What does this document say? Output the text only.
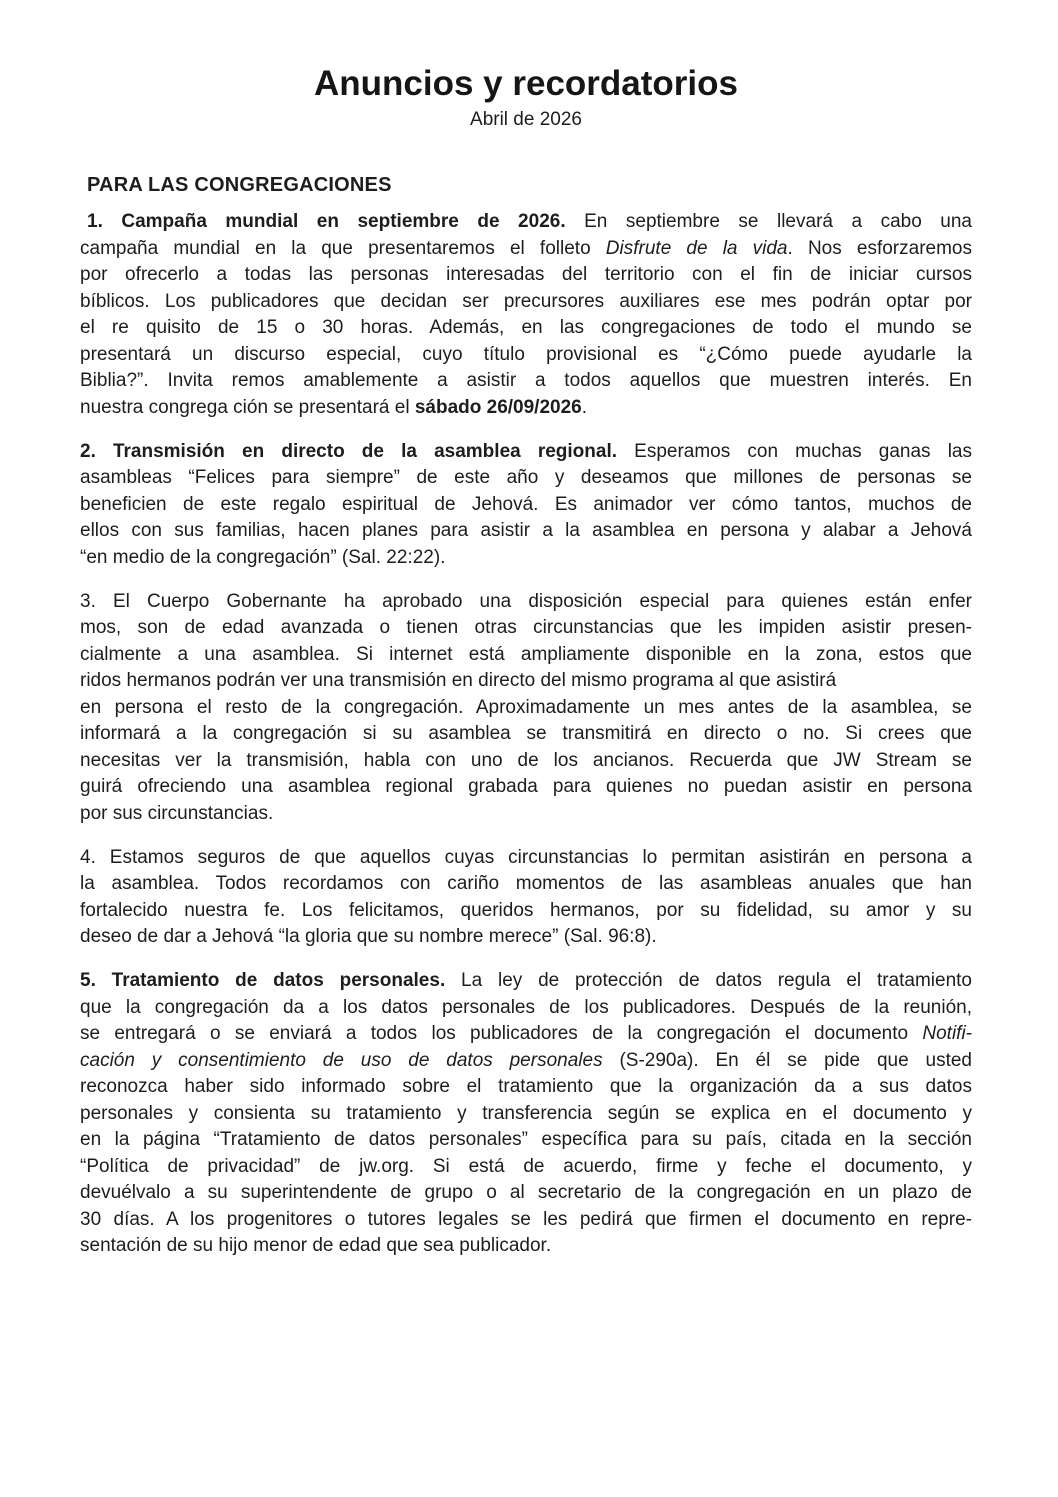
Anuncios y recordatorios
Abril de 2026
PARA LAS CONGREGACIONES
1. Campaña mundial en septiembre de 2026. En septiembre se llevará a cabo una
campaña mundial en la que presentaremos el folleto Disfrute de la vida. Nos esforzaremos
por ofrecerlo a todas las personas interesadas del territorio con el fin de iniciar cursos
bíblicos. Los publicadores que decidan ser precursores auxiliares ese mes podrán optar por
el re quisito de 15 o 30 horas. Además, en las congregaciones de todo el mundo se
presentará un discurso especial, cuyo título provisional es “¿Cómo puede ayudarle la
Biblia?”. Invita remos amablemente a asistir a todos aquellos que muestren interés. En
nuestra congrega ción se presentará el sábado 26/09/2026.
2. Transmisión en directo de la asamblea regional. Esperamos con muchas ganas las
asambleas “Felices para siempre” de este año y deseamos que millones de personas se
beneficien de este regalo espiritual de Jehová. Es animador ver cómo tantos, muchos de
ellos con sus familias, hacen planes para asistir a la asamblea en persona y alabar a Jehová
“en medio de la congregación” (Sal. 22:22).
3. El Cuerpo Gobernante ha aprobado una disposición especial para quienes están enfer
mos, son de edad avanzada o tienen otras circunstancias que les impiden asistir presen-
cialmente a una asamblea. Si internet está ampliamente disponible en la zona, estos que
ridos hermanos podrán ver una transmisión en directo del mismo programa al que asistirá
en persona el resto de la congregación. Aproximadamente un mes antes de la asamblea, se
informará a la congregación si su asamblea se transmitirá en directo o no. Si crees que
necesitas ver la transmisión, habla con uno de los ancianos. Recuerda que JW Stream se
guirá ofreciendo una asamblea regional grabada para quienes no puedan asistir en persona
por sus circunstancias.
4. Estamos seguros de que aquellos cuyas circunstancias lo permitan asistirán en persona a
la asamblea. Todos recordamos con cariño momentos de las asambleas anuales que han
fortalecido nuestra fe. Los felicitamos, queridos hermanos, por su fidelidad, su amor y su
deseo de dar a Jehová “la gloria que su nombre merece” (Sal. 96:8).
5. Tratamiento de datos personales. La ley de protección de datos regula el tratamiento
que la congregación da a los datos personales de los publicadores. Después de la reunión,
se entregará o se enviará a todos los publicadores de la congregación el documento Notifi-
cación y consentimiento de uso de datos personales (S-290a). En él se pide que usted
reconozca haber sido informado sobre el tratamiento que la organización da a sus datos
personales y consienta su tratamiento y transferencia según se explica en el documento y
en la página “Tratamiento de datos personales” específica para su país, citada en la sección
“Política de privacidad” de jw.org. Si está de acuerdo, firme y feche el documento, y
devuélvalo a su superintendente de grupo o al secretario de la congregación en un plazo de
30 días. A los progenitores o tutores legales se les pedirá que firmen el documento en repre-
sentación de su hijo menor de edad que sea publicador.
